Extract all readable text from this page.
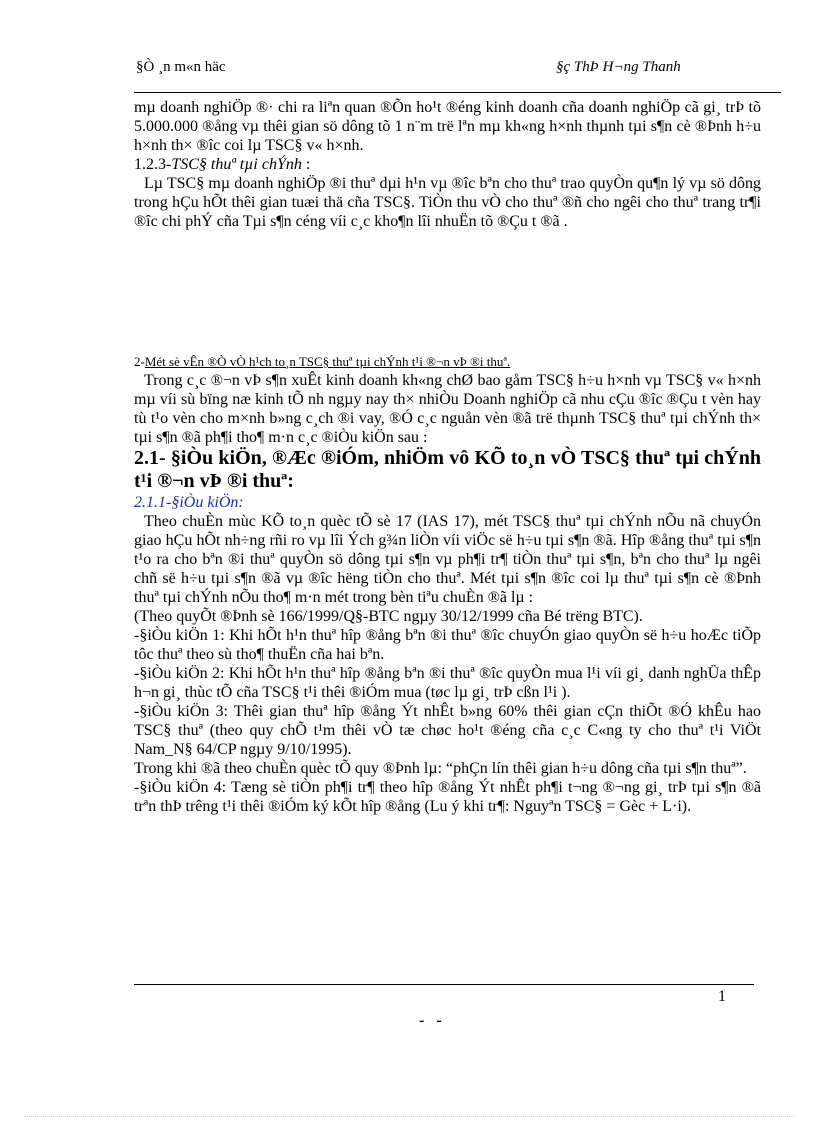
§Ò ¸n m«n häc	§ç ThÞ H¬ng Thanh

mµ doanh nghiÖp ®· chi ra liªn quan ®Õn ho¹t ®éng kinh doanh cña doanh nghiÖp cã gi¸ trÞ tõ 5.000.000 ®ång vµ thêi gian sö dông tõ 1 n¨m trë lªn mµ kh«ng h×nh thµnh tµi s¶n cè ®Þnh h÷u h×nh th× ®îc coi lµ TSC§ v« h×nh.

1.2.3-TSC§ thuª tµi chÝnh :

Lµ TSC§ mµ doanh nghiÖp ®i thuª dµi h¹n vµ ®îc bªn cho thuª trao quyÒn qu¶n lý vµ sö dông trong hÇu hÕt thêi gian tuæi thä cña TSC§. TiÒn thu vÒ cho thuª ®ñ cho ngêi cho thuª trang tr¶i ®îc chi phÝ cña Tµi s¶n céng víi c¸c kho¶n lîi nhuËn tõ ®Çu t ®ã .

2-Mét sè vÊn ®Ò vÒ h¹ch to¸n TSC§ thuª tµi chÝnh t¹i ®¬n vÞ ®i thuª.

Trong c¸c ®¬n vÞ s¶n xuÊt kinh doanh kh«ng chØ bao gåm TSC§ h÷u h×nh vµ TSC§ v« h×nh mµ víi sù bïng næ kinh tÕ nh ngµy nay th× nhiÒu Doanh nghiÖp cã nhu cÇu ®îc ®Çu t vèn hay tù t¹o vèn cho m×nh b»ng c¸ch ®i vay, ®Ó c¸c nguån vèn ®ã trë thµnh TSC§ thuª tµi chÝnh th× tµi s¶n ®ã ph¶i tho¶ m·n c¸c ®iÒu kiÖn sau :

2.1- §iÒu kiÖn, ®Æc ®iÓm, nhiÖm vô KÕ to¸n vÒ TSC§ thuª tµi chÝnh t¹i ®¬n vÞ ®i thuª:

2.1.1-§iÒu kiÖn:

Theo chuÈn mùc KÕ to¸n quèc tÕ sè 17 (IAS 17), mét TSC§ thuª tµi chÝnh nÕu nã chuyÓn giao hÇu hÕt nh÷ng rñi ro vµ lîi Ých g¾n liÒn víi viÖc së h÷u tµi s¶n ®ã. Hîp ®ång thuª tµi s¶n t¹o ra cho bªn ®i thuª quyÒn sö dông tµi s¶n vµ ph¶i tr¶ tiÒn thuª tµi s¶n, bªn cho thuª lµ ngêi chñ së h÷u tµi s¶n ®ã vµ ®îc hëng tiÒn cho thuª. Mét tµi s¶n ®îc coi lµ thuª tµi s¶n cè ®Þnh thuª tµi chÝnh nÕu tho¶ m·n mét trong bèn tiªu chuÈn ®ã lµ :

(Theo quyÕt ®Þnh sè 166/1999/Q§-BTC ngµy 30/12/1999 cña Bé trëng BTC).

-§iÒu kiÖn 1: Khi hÕt h¹n thuª hîp ®ång bªn ®i thuª ®îc chuyÓn giao quyÒn së h÷u hoÆc tiÕp tôc thuª theo sù tho¶ thuËn cña hai bªn.

-§iÒu kiÖn 2: Khi hÕt h¹n thuª hîp ®ång bªn ®i thuª ®îc quyÒn mua l¹i víi gi¸ danh nghÜa thÊp h¬n gi¸ thùc tÕ cña TSC§ t¹i thêi ®iÓm mua (tøc lµ gi¸ trÞ cßn l¹i ).

-§iÒu kiÖn 3: Thêi gian thuª hîp ®ång Ýt nhÊt b»ng 60% thêi gian cÇn thiÕt ®Ó khÊu hao TSC§ thuª (theo quy chÕ t¹m thêi vÒ tæ chøc ho¹t ®éng cña c¸c C«ng ty cho thuª t¹i ViÖt Nam_N§ 64/CP ngµy 9/10/1995).

Trong khi ®ã theo chuÈn quèc tÕ quy ®Þnh lµ: “phÇn lín thêi gian h÷u dông cña tµi s¶n thuª”.

-§iÒu kiÖn 4: Tæng sè tiÒn ph¶i tr¶ theo hîp ®ång Ýt nhÊt ph¶i t¬ng ®¬ng gi¸ trÞ tµi s¶n ®ã trªn thÞ trêng t¹i thêi ®iÓm ký kÕt hîp ®ång (Lu ý khi tr¶: Nguyªn TSC§ = Gèc + L·i).

1
- -
